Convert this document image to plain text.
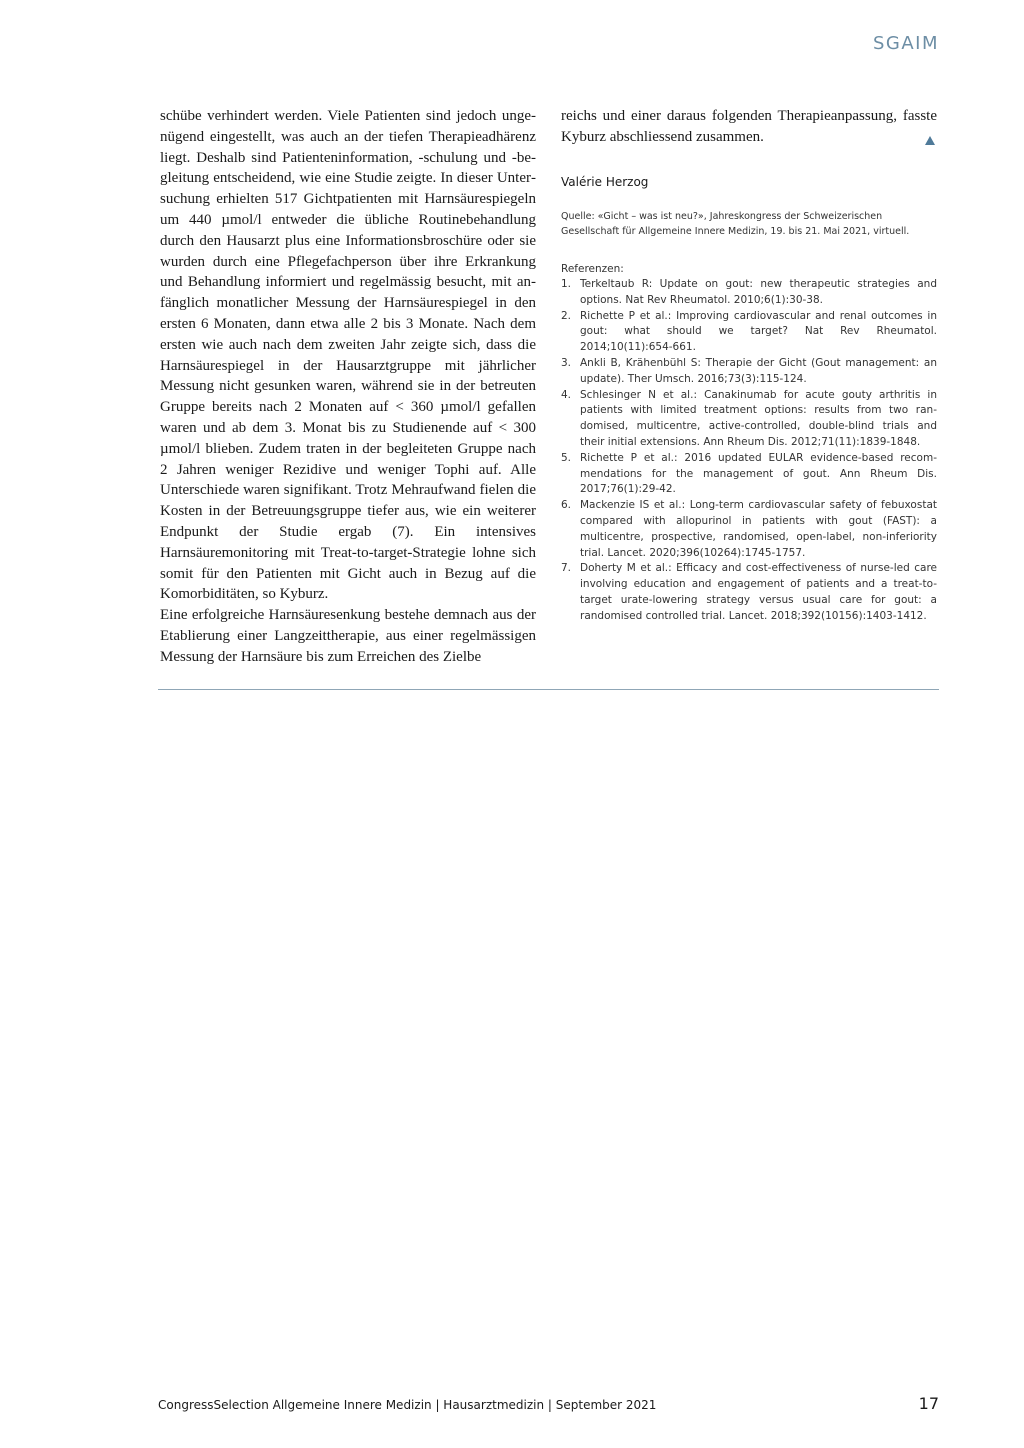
SGAIM

schübe verhindert werden. Viele Patienten sind jedoch ungenügend eingestellt, was auch an der tiefen Therapieadhärenz liegt. Deshalb sind Patienteninformation, -schulung und -begleitung entscheidend, wie eine Studie zeigte. In dieser Untersuchung erhielten 517 Gichtpatienten mit Harnsäurespiegeln um 440 µmol/l entweder die übliche Routinebehandlung durch den Hausarzt plus eine Informationsbroschüre oder sie wurden durch eine Pflegefachperson über ihre Erkrankung und Behandlung informiert und regelmässig besucht, mit anfänglich monatlicher Messung der Harnsäurespiegel in den ersten 6 Monaten, dann etwa alle 2 bis 3 Monate. Nach dem ersten wie auch nach dem zweiten Jahr zeigte sich, dass die Harnsäurespiegel in der Hausarztgruppe mit jährlicher Messung nicht gesunken waren, während sie in der betreuten Gruppe bereits nach 2 Monaten auf < 360 µmol/l gefallen waren und ab dem 3. Monat bis zu Studienende auf < 300 µmol/l blieben. Zudem traten in der begleiteten Gruppe nach 2 Jahren weniger Rezidive und weniger Tophi auf. Alle Unterschiede waren signifikant. Trotz Mehraufwand fielen die Kosten in der Betreuungsgruppe tiefer aus, wie ein weiterer Endpunkt der Studie ergab (7). Ein intensives Harnsäuremonitoring mit Treat-to-target-Strategie lohne sich somit für den Patienten mit Gicht auch in Bezug auf die Komorbiditäten, so Kyburz.

Eine erfolgreiche Harnsäuresenkung bestehe demnach aus der Etablierung einer Langzeittherapie, aus einer regelmässigen Messung der Harnsäure bis zum Erreichen des Zielbe

reichs und einer daraus folgenden Therapieanpassung, fasste Kyburz abschliessend zusammen.

Valérie Herzog

Quelle: «Gicht – was ist neu?», Jahreskongress der Schweizerischen Gesellschaft für Allgemeine Innere Medizin, 19. bis 21. Mai 2021, virtuell.

Referenzen:

1. Terkeltaub R: Update on gout: new therapeutic strategies and options. Nat Rev Rheumatol. 2010;6(1):30-38.
2. Richette P et al.: Improving cardiovascular and renal outcomes in gout: what should we target? Nat Rev Rheumatol. 2014;10(11):654-661.
3. Ankli B, Krähenbühl S: Therapie der Gicht (Gout management: an update). Ther Umsch. 2016;73(3):115-124.
4. Schlesinger N et al.: Canakinumab for acute gouty arthritis in patients with limited treatment options: results from two randomised, multicentre, active-controlled, double-blind trials and their initial extensions. Ann Rheum Dis. 2012;71(11):1839-1848.
5. Richette P et al.: 2016 updated EULAR evidence-based recommendations for the management of gout. Ann Rheum Dis. 2017;76(1):29-42.
6. Mackenzie IS et al.: Long-term cardiovascular safety of febuxostat compared with allopurinol in patients with gout (FAST): a multicentre, prospective, randomised, open-label, non-inferiority trial. Lancet. 2020;396(10264):1745-1757.
7. Doherty M et al.: Efficacy and cost-effectiveness of nurse-led care involving education and engagement of patients and a treat-to-target urate-lowering strategy versus usual care for gout: a randomised controlled trial. Lancet. 2018;392(10156):1403-1412.
CongressSelection Allgemeine Innere Medizin | Hausarztmedizin | September 2021	17
